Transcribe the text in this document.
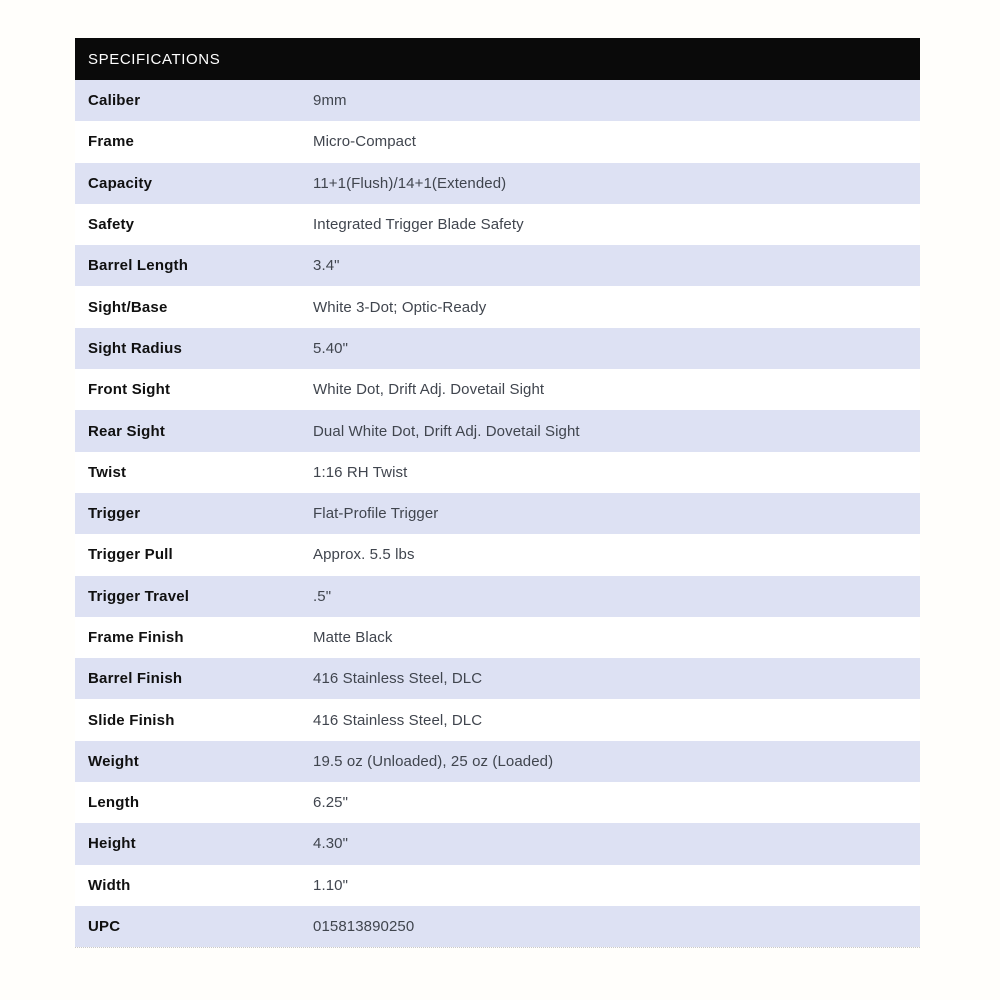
SPECIFICATIONS
Caliber	9mm
Frame	Micro-Compact
Capacity	11+1(Flush)/14+1(Extended)
Safety	Integrated Trigger Blade Safety
Barrel Length	3.4"
Sight/Base	White 3-Dot; Optic-Ready
Sight Radius	5.40"
Front Sight	White Dot, Drift Adj. Dovetail Sight
Rear Sight	Dual White Dot, Drift Adj. Dovetail Sight
Twist	1:16 RH Twist
Trigger	Flat-Profile Trigger
Trigger Pull	Approx. 5.5 lbs
Trigger Travel	.5"
Frame Finish	Matte Black
Barrel Finish	416 Stainless Steel, DLC
Slide Finish	416 Stainless Steel, DLC
Weight	19.5 oz (Unloaded), 25 oz (Loaded)
Length	6.25"
Height	4.30"
Width	1.10"
UPC	015813890250
